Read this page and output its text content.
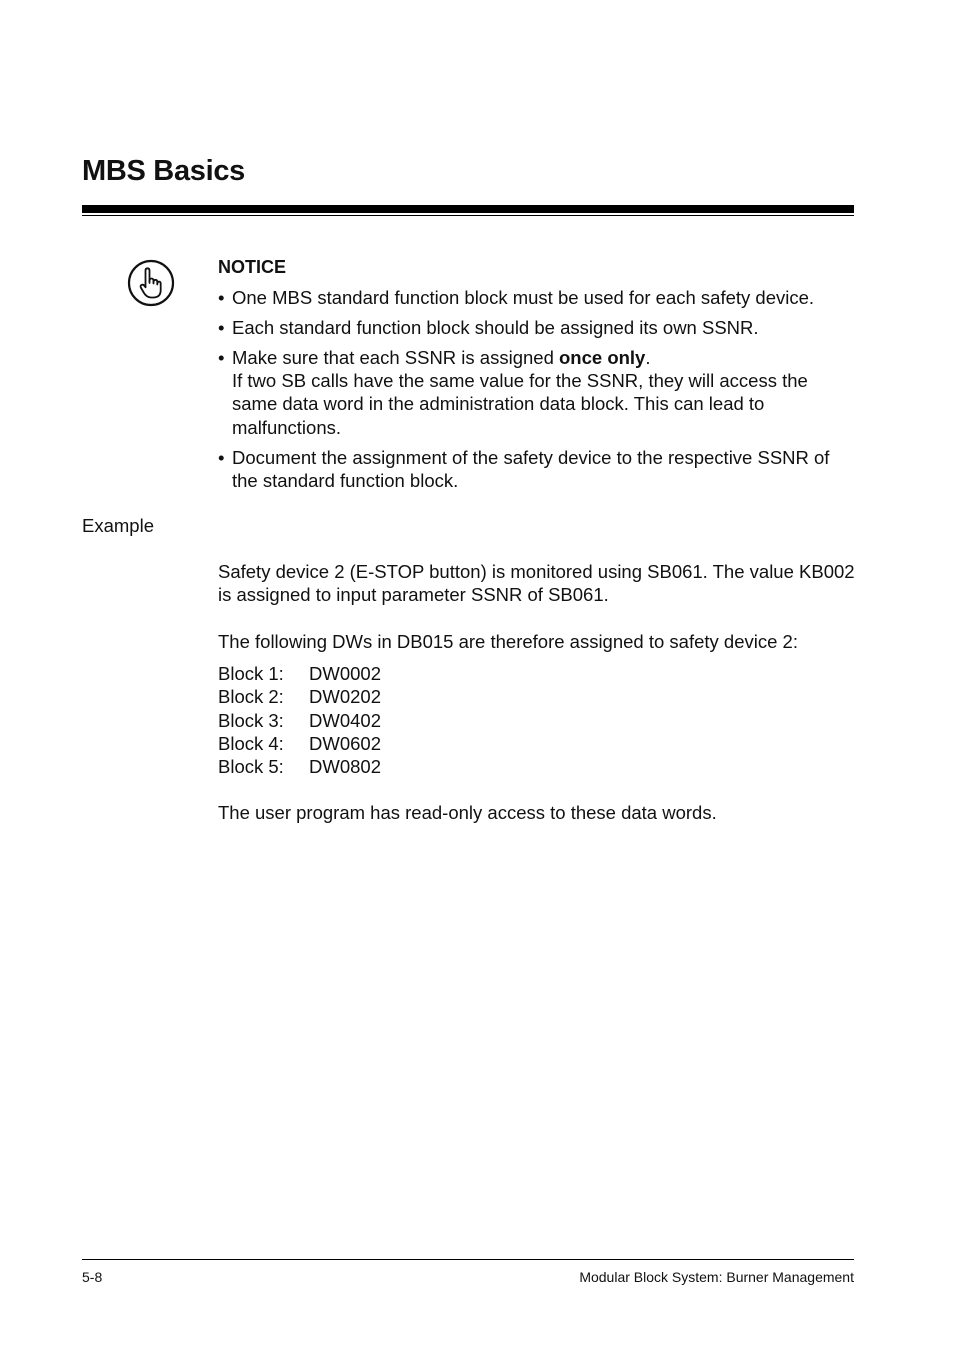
MBS Basics
NOTICE
• One MBS standard function block must be used for each safety device.
• Each standard function block should be assigned its own SSNR.
• Make sure that each SSNR is assigned once only.
If two SB calls have the same value for the SSNR, they will access the same data word in the administration data block. This can lead to malfunctions.
• Document the assignment of the safety device to the respective SSNR of the standard function block.
Example
Safety device 2 (E-STOP button) is monitored using SB061. The value KB002 is assigned to input parameter SSNR of SB061.
The following DWs in DB015 are therefore assigned to safety device 2:
Block 1:	DW0002
Block 2:	DW0202
Block 3:	DW0402
Block 4:	DW0602
Block 5:	DW0802
The user program has read-only access to these data words.
5-8	Modular Block System: Burner Management
